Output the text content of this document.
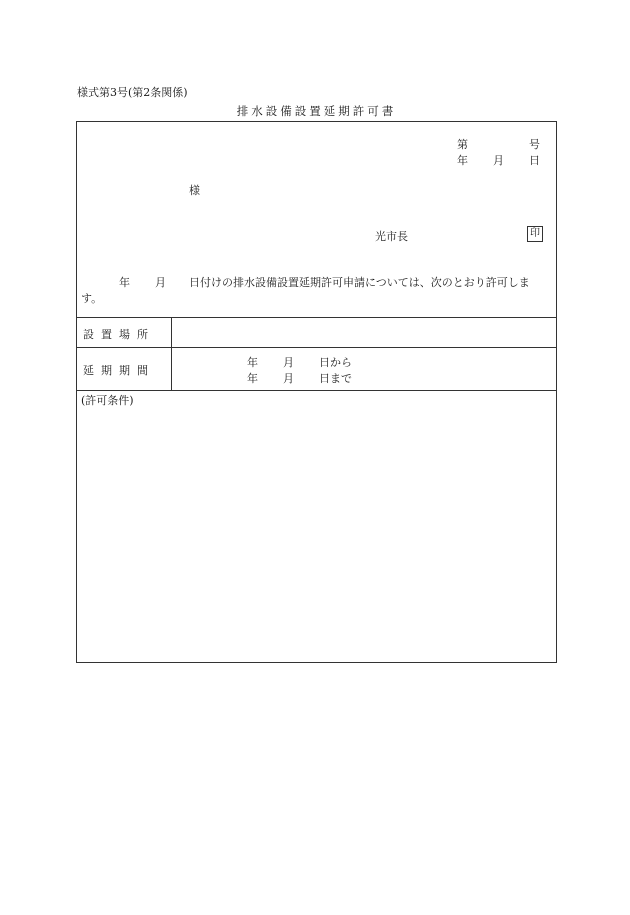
様式第3号(第2条関係)
排水設備設置延期許可書
第	号
年 月 日
様
光市長	印
年 月 日付けの排水設備設置延期許可申請については、次のとおり許可しま
す。
設置場所
延期期間
年 月 日から
年 月 日まで
(許可条件)
